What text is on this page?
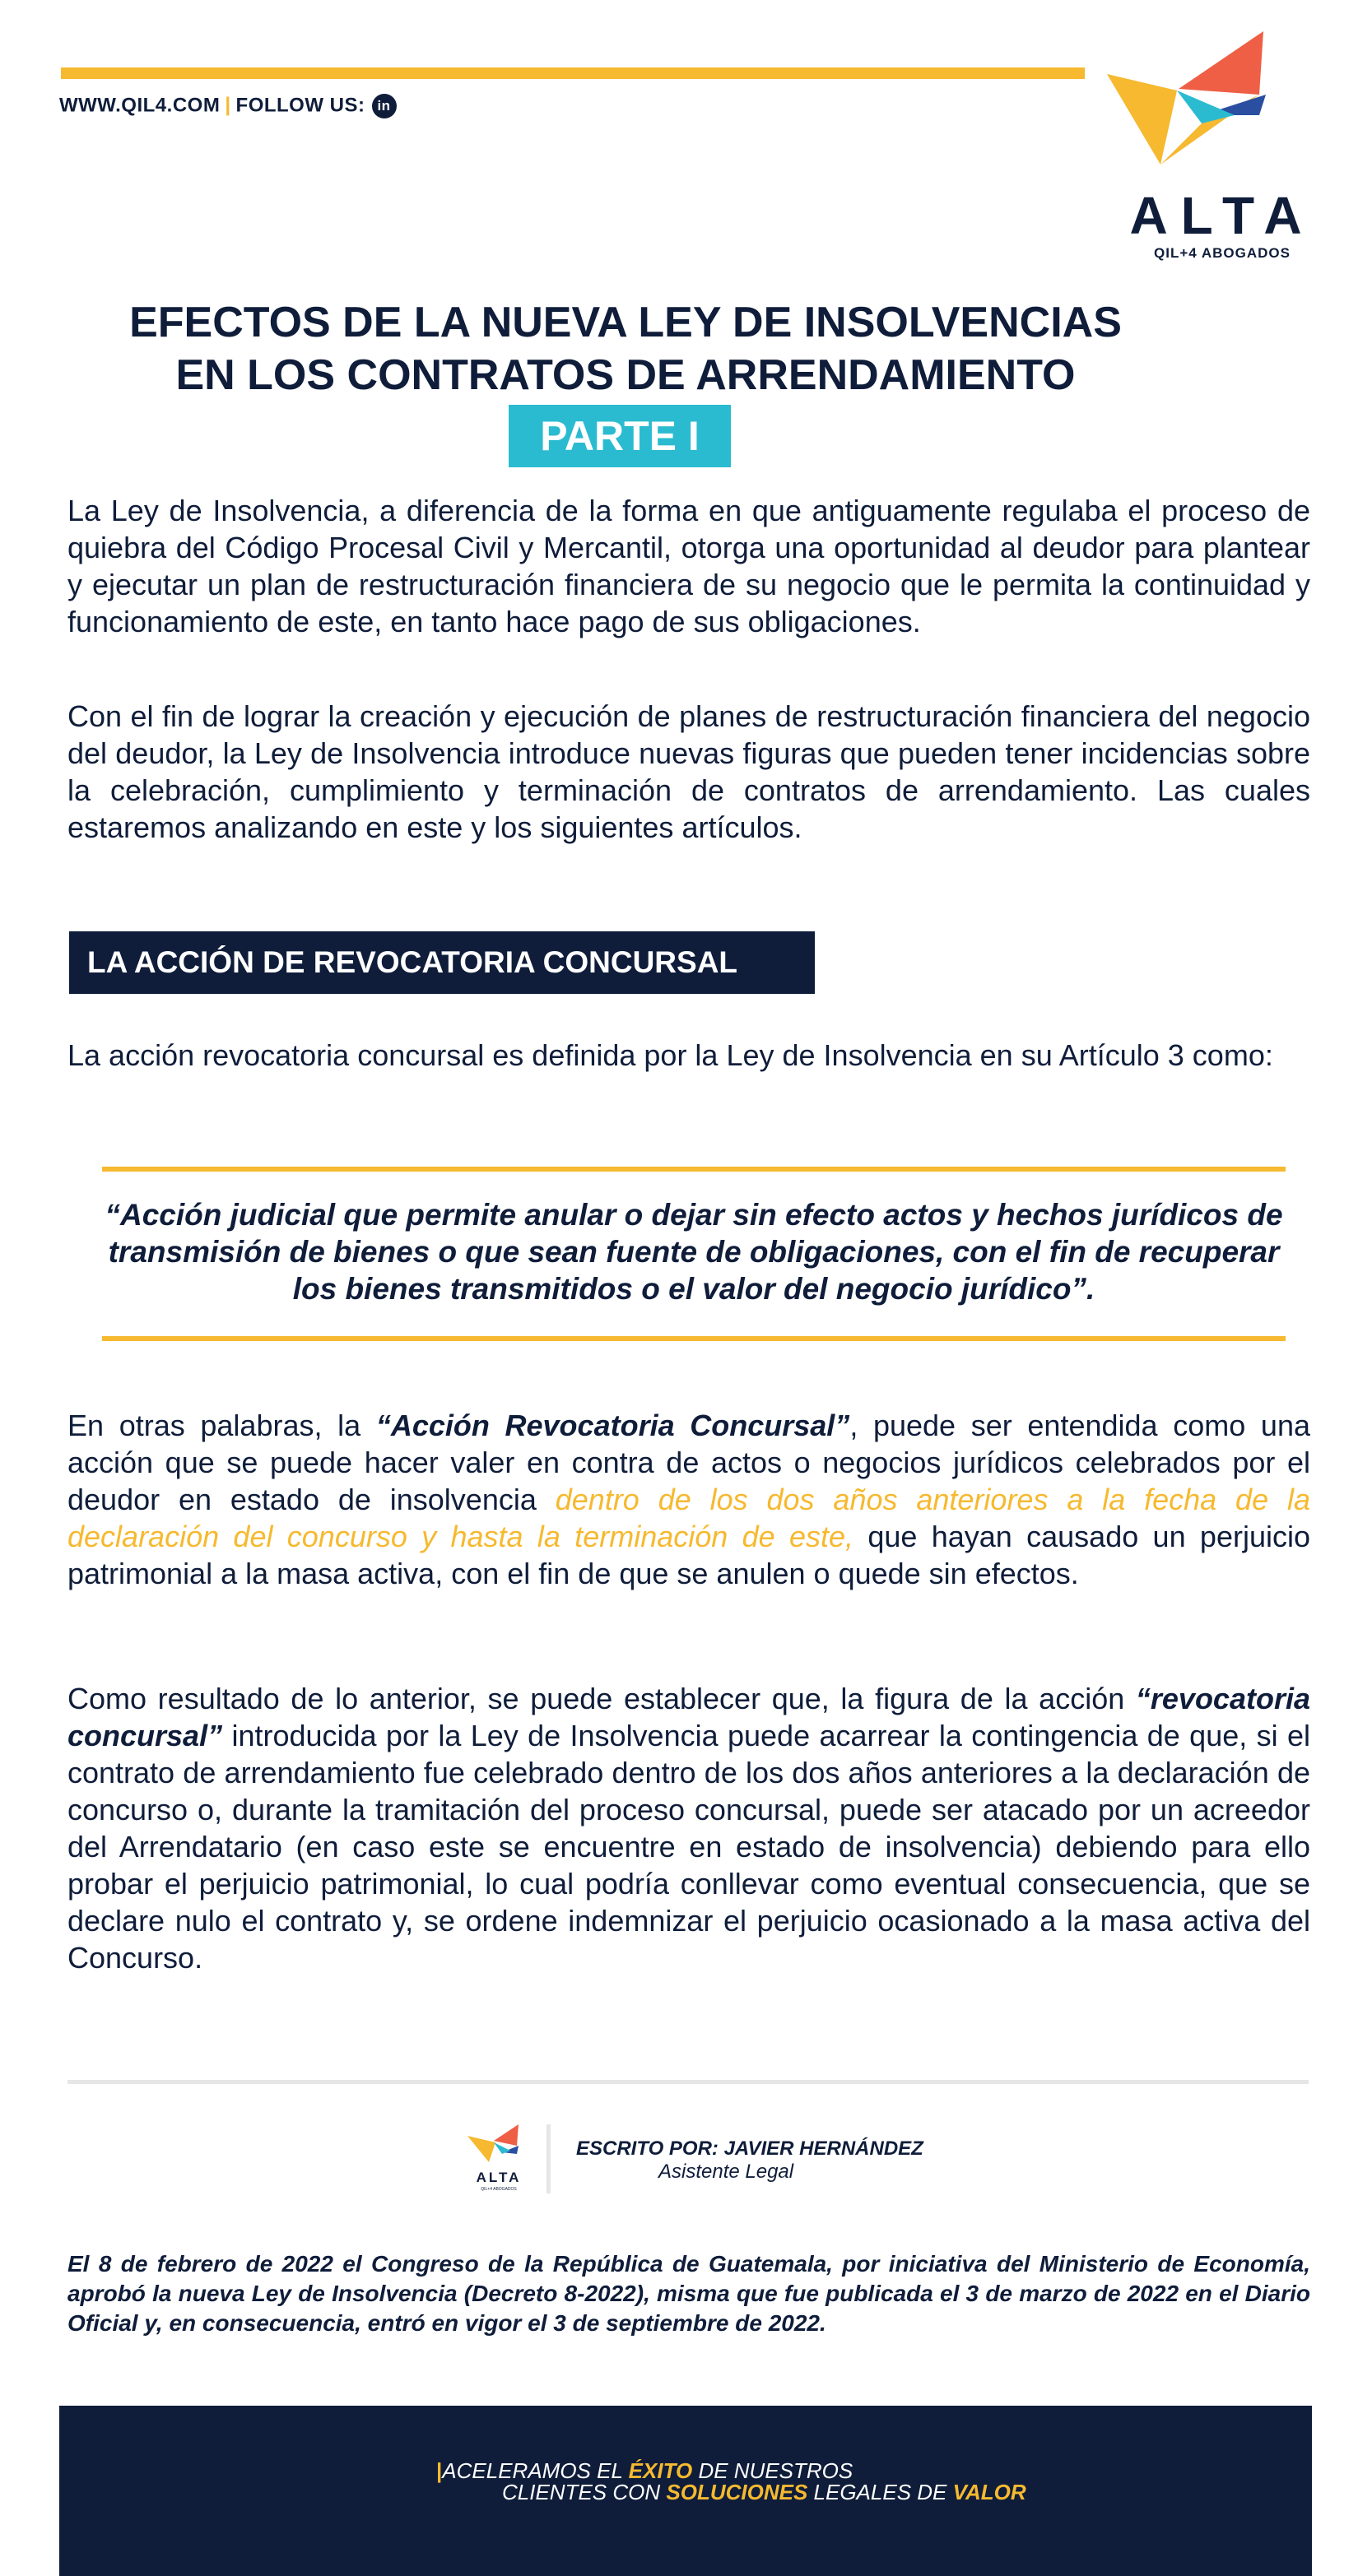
WWW.QIL4.COM | FOLLOW US: in
ALTA
QIL+4 ABOGADOS
EFECTOS DE LA NUEVA LEY DE INSOLVENCIAS
EN LOS CONTRATOS DE ARRENDAMIENTO
PARTE I
La Ley de Insolvencia, a diferencia de la forma en que antiguamente regulaba el proceso de quiebra del Código Procesal Civil y Mercantil, otorga una oportunidad al deudor para plantear y ejecutar un plan de restructuración financiera de su negocio que le permita la continuidad y funcionamiento de este, en tanto hace pago de sus obligaciones.
Con el fin de lograr la creación y ejecución de planes de restructuración financiera del negocio del deudor, la Ley de Insolvencia introduce nuevas figuras que pueden tener incidencias sobre la celebración, cumplimiento y terminación de contratos de arrendamiento. Las cuales estaremos analizando en este y los siguientes artículos.
LA ACCIÓN DE REVOCATORIA CONCURSAL
La acción revocatoria concursal es definida por la Ley de Insolvencia en su Artículo 3 como:
“Acción judicial que permite anular o dejar sin efecto actos y hechos jurídicos de transmisión de bienes o que sean fuente de obligaciones, con el fin de recuperar los bienes transmitidos o el valor del negocio jurídico”.
En otras palabras, la “Acción Revocatoria Concursal”, puede ser entendida como una acción que se puede hacer valer en contra de actos o negocios jurídicos celebrados por el deudor en estado de insolvencia dentro de los dos años anteriores a la fecha de la declaración del concurso y hasta la terminación de este, que hayan causado un perjuicio patrimonial a la masa activa, con el fin de que se anulen o quede sin efectos.
Como resultado de lo anterior, se puede establecer que, la figura de la acción “revocatoria concursal” introducida por la Ley de Insolvencia puede acarrear la contingencia de que, si el contrato de arrendamiento fue celebrado dentro de los dos años anteriores a la declaración de concurso o, durante la tramitación del proceso concursal, puede ser atacado por un acreedor del Arrendatario (en caso este se encuentre en estado de insolvencia) debiendo para ello probar el perjuicio patrimonial, lo cual podría conllevar como eventual consecuencia, que se declare nulo el contrato y, se ordene indemnizar el perjuicio ocasionado a la masa activa del Concurso.
ALTA
QIL+4 ABOGADOS
ESCRITO POR: JAVIER HERNÁNDEZ
Asistente Legal
El 8 de febrero de 2022 el Congreso de la República de Guatemala, por iniciativa del Ministerio de Economía, aprobó la nueva Ley de Insolvencia (Decreto 8-2022), misma que fue publicada el 3 de marzo de 2022 en el Diario Oficial y, en consecuencia, entró en vigor el 3 de septiembre de 2022.
|ACELERAMOS EL ÉXITO DE NUESTROS
CLIENTES CON SOLUCIONES LEGALES DE VALOR
